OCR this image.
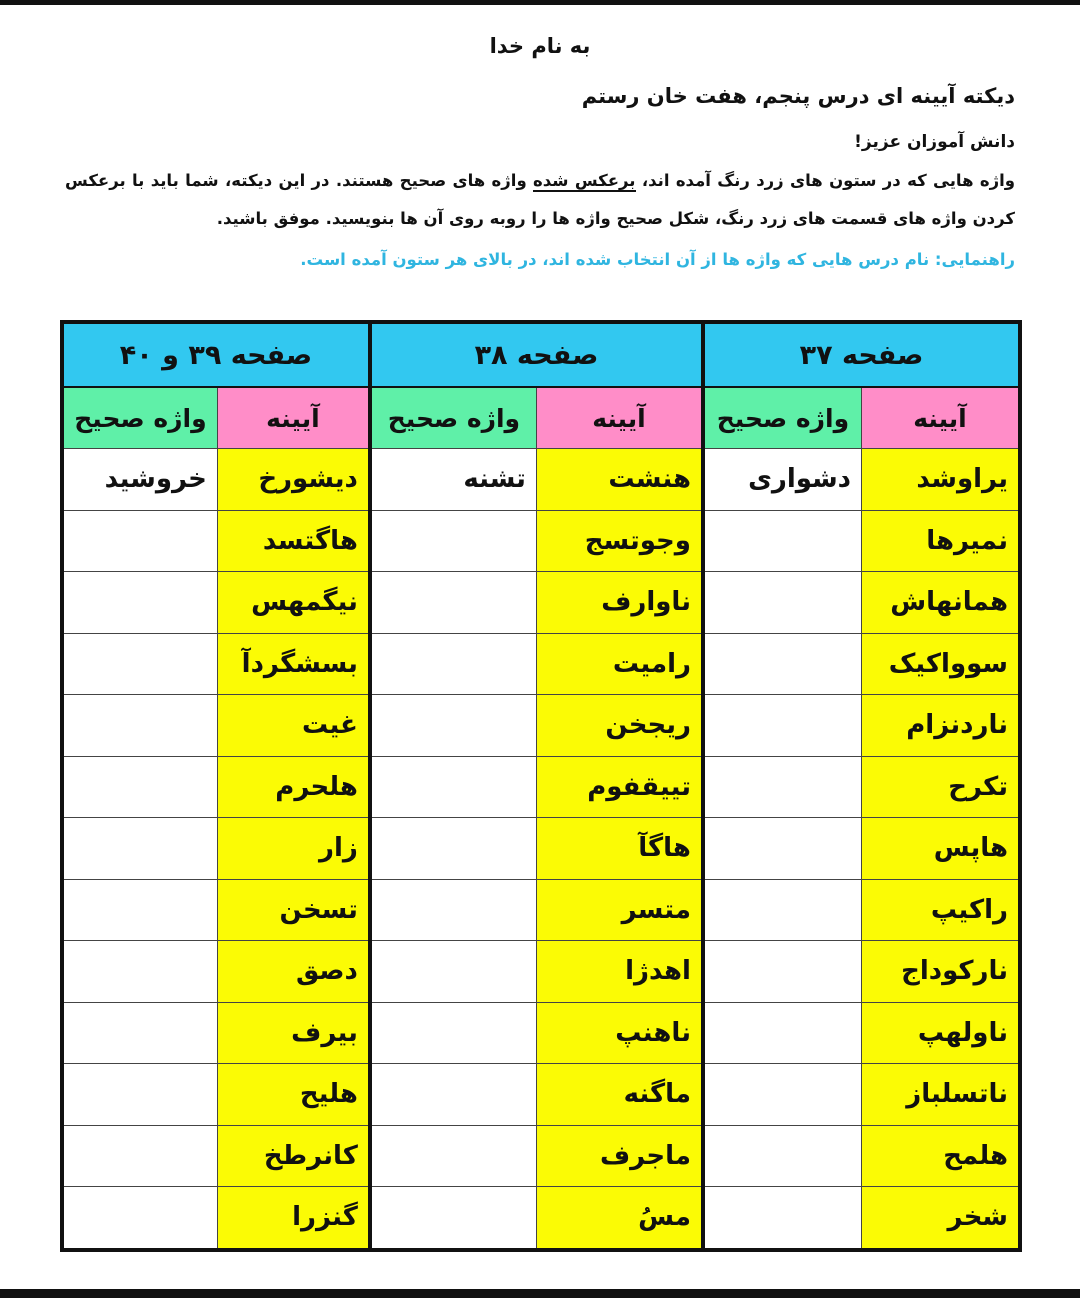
به نام خدا
دیکته آیینه ای درس پنجم، هفت خان رستم
دانش آموزان عزیز!
واژه هایی که در ستون های زرد رنگ آمده اند، برعکس شده واژه های صحیح هستند. در این دیکته، شما باید با برعکس کردن واژه های قسمت های زرد رنگ، شکل صحیح واژه ها را روبه روی آن ها بنویسید. موفق باشید.
راهنمایی: نام درس هایی که واژه ها از آن انتخاب شده اند، در بالای هر ستون آمده است.
صفحه ۳۷		صفحه ۳۸		صفحه ۳۹ و ۴۰	
آیینه	واژه صحیح	آیینه	واژه صحیح	آیینه	واژه صحیح
یراوشد	دشواری	هنشت	تشنه	دیشورخ	خروشید
نمیرها		وجوتسج		هاگتسد	
همانهاش		ناوارف		نیگمهس	
سوواکیک		رامیت		بسشگردآ	
ناردنزام		ریجخن		غیت	
تکرح		تییقفوم		هلحرم	
هاپس		هاگآ		زار	
راکیپ		متسر		تسخن	
نارکوداج		اهدژا		دصق	
ناولهپ		ناهنپ		بیرف	
ناتسلباز		ماگنه		هلیح	
هلمح		ماجرف		کانرطخ	
شخر		مسُ		گنزرا	
